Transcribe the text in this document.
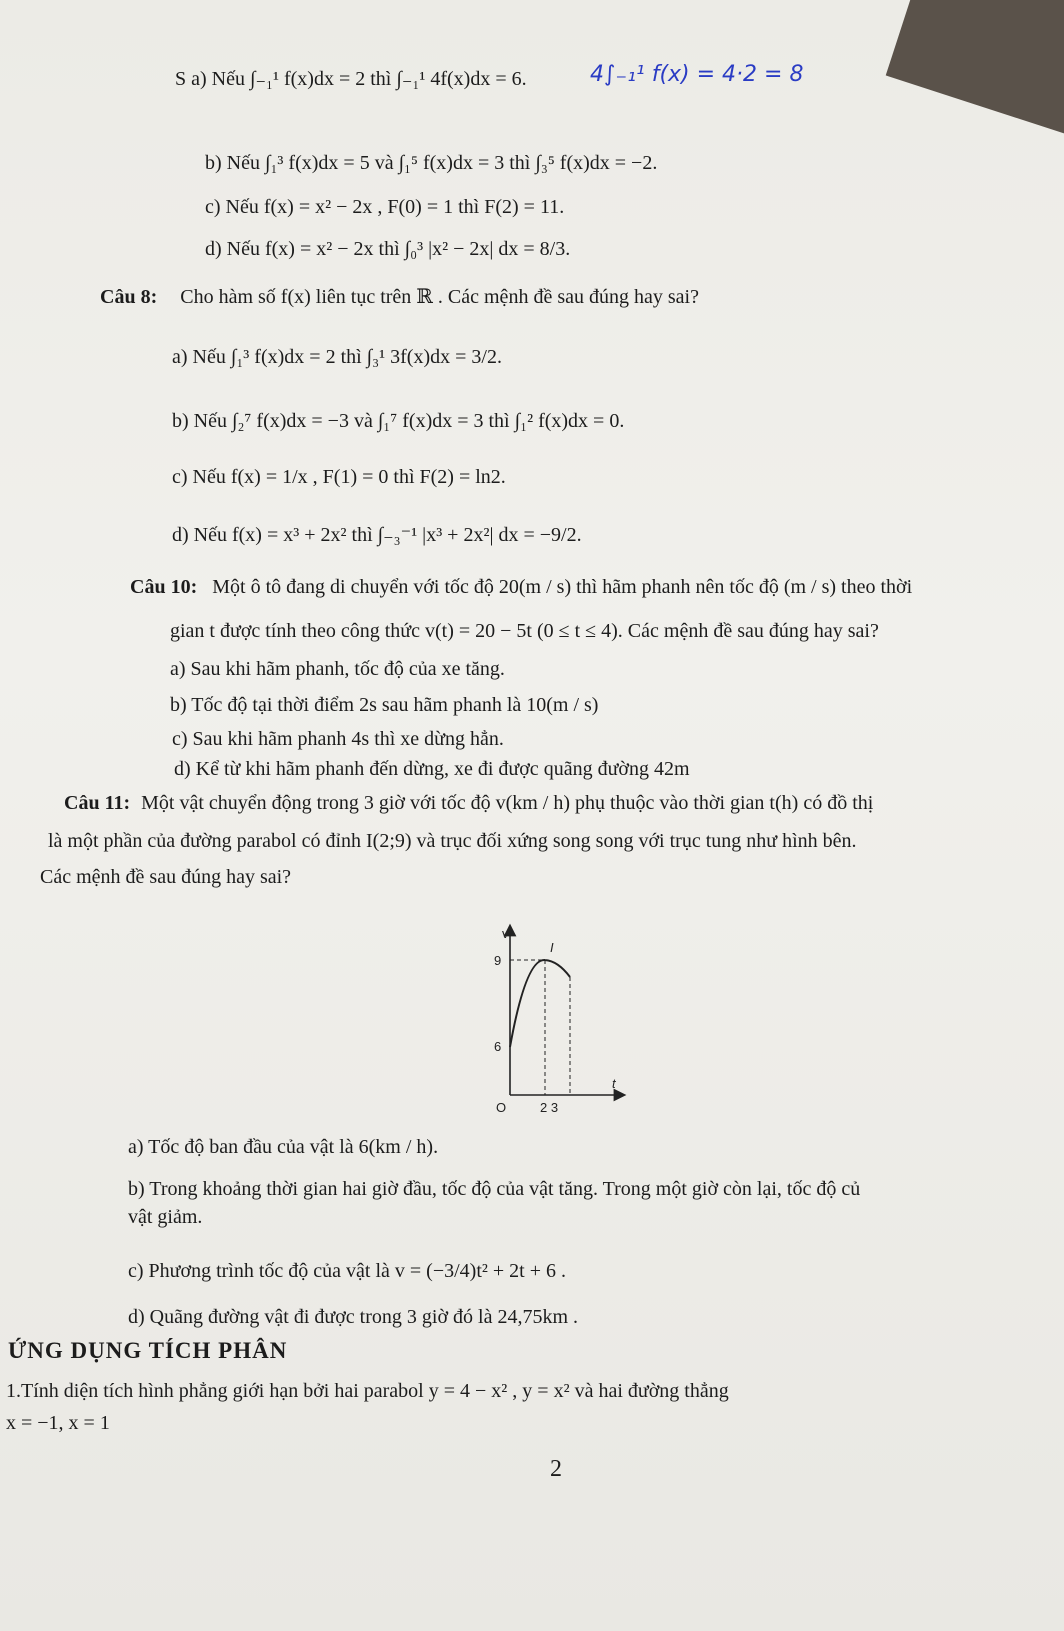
S a) Nếu ∫₋₁¹ f(x)dx = 2 thì ∫₋₁¹ 4f(x)dx = 6.	4∫₋₁¹ f(x) = 4·2 = 8
b) Nếu ∫₁³ f(x)dx = 5 và ∫₁⁵ f(x)dx = 3 thì ∫₃⁵ f(x)dx = −2.
c) Nếu f(x) = x² − 2x , F(0) = 1 thì F(2) = 11.
d) Nếu f(x) = x² − 2x thì ∫₀³ |x² − 2x| dx = 8/3.
Câu 8: Cho hàm số f(x) liên tục trên ℝ . Các mệnh đề sau đúng hay sai?
a) Nếu ∫₁³ f(x)dx = 2 thì ∫₃¹ 3f(x)dx = 3/2.
b) Nếu ∫₂⁷ f(x)dx = −3 và ∫₁⁷ f(x)dx = 3 thì ∫₁² f(x)dx = 0.
c) Nếu f(x) = 1/x , F(1) = 0 thì F(2) = ln2.
d) Nếu f(x) = x³ + 2x² thì ∫₋₃⁻¹ |x³ + 2x²| dx = −9/2.
Câu 10: Một ô tô đang di chuyển với tốc độ 20(m / s) thì hãm phanh nên tốc độ (m / s) theo thời
gian t được tính theo công thức v(t) = 20 − 5t (0 ≤ t ≤ 4). Các mệnh đề sau đúng hay sai?
a) Sau khi hãm phanh, tốc độ của xe tăng.
b) Tốc độ tại thời điểm 2s sau hãm phanh là 10(m / s)
c) Sau khi hãm phanh 4s thì xe dừng hẳn.
d) Kể từ khi hãm phanh đến dừng, xe đi được quãng đường 42m
Câu 11: Một vật chuyển động trong 3 giờ với tốc độ v(km / h) phụ thuộc vào thời gian t(h) có đồ thị
là một phần của đường parabol có đỉnh I(2;9) và trục đối xứng song song với trục tung như hình bên.
Các mệnh đề sau đúng hay sai?
v
t
I
9
6
O	2 3
a) Tốc độ ban đầu của vật là 6(km / h).
b) Trong khoảng thời gian hai giờ đầu, tốc độ của vật tăng. Trong một giờ còn lại, tốc độ củ
vật giảm.
c) Phương trình tốc độ của vật là v = (−3/4)t² + 2t + 6 .
d) Quãng đường vật đi được trong 3 giờ đó là 24,75km .
ỨNG DỤNG TÍCH PHÂN
1.Tính diện tích hình phẳng giới hạn bởi hai parabol y = 4 − x² , y = x² và hai đường thẳng
x = −1, x = 1
2
